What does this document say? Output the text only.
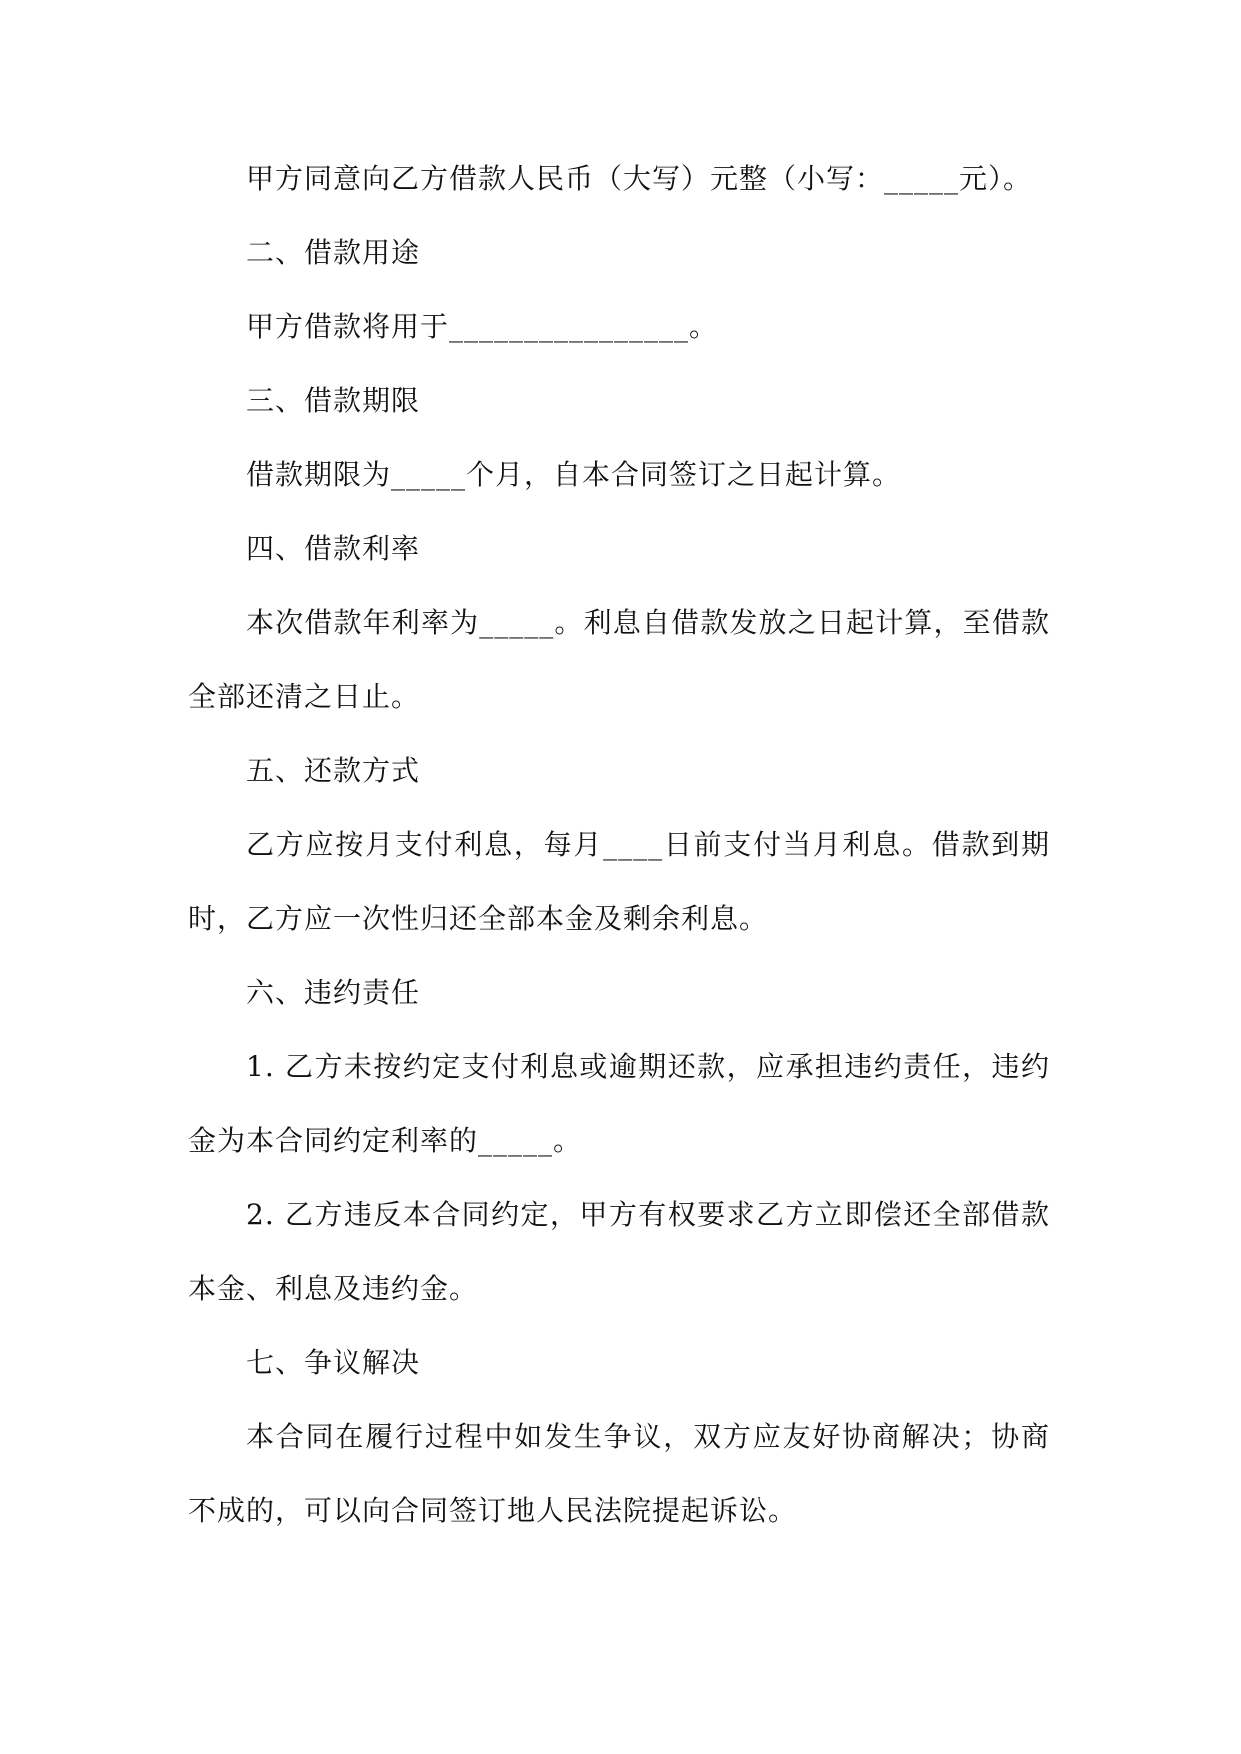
甲方同意向乙方借款人民币（大写）元整（小写：_____元）。

二、借款用途

甲方借款将用于________________。

三、借款期限

借款期限为_____个月，自本合同签订之日起计算。

四、借款利率

本次借款年利率为_____。利息自借款发放之日起计算，至借款全部还清之日止。

五、还款方式

乙方应按月支付利息，每月____日前支付当月利息。借款到期时，乙方应一次性归还全部本金及剩余利息。

六、违约责任

1. 乙方未按约定支付利息或逾期还款，应承担违约责任，违约金为本合同约定利率的_____。

2. 乙方违反本合同约定，甲方有权要求乙方立即偿还全部借款本金、利息及违约金。

七、争议解决

本合同在履行过程中如发生争议，双方应友好协商解决；协商不成的，可以向合同签订地人民法院提起诉讼。
